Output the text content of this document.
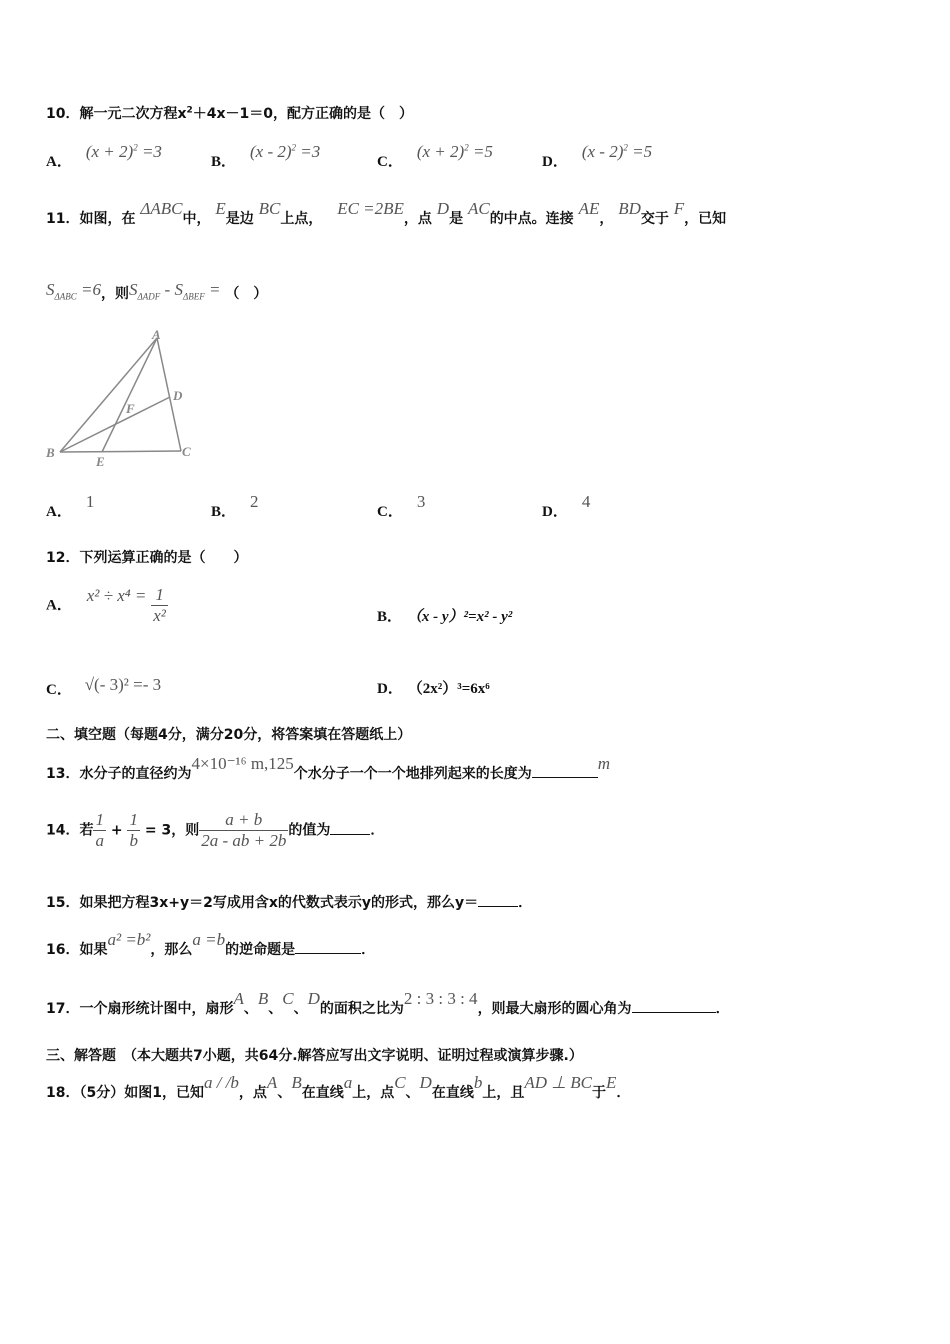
10．解一元二次方程$x^2+4x-1=0$，配方正确的是（　）
A．$(x + 2)^2 =3$
B．(x - 2)$^2$ =3
C．$(x + 2)^2 =5$
D．(x - 2)$^2$ =5
11．如图，在 ΔABC中， E是边 BC上点， EC =2BE，点 D是 AC的中点。连接 AE， BD交于 F，已知
$S_{\Delta ABC} =6$，则$S_{\Delta ADF} - S_{\Delta BEF}$ = （　）
A
B	C
D
E
F
A．1
B．2
C．3
D．4
12．下列运算正确的是（　　）
A． $x^2 \div x^4 = \frac{1}{\text{x²}}$	B． （x - y）²=x² - y²
C． √(- 3)² =- 3	D． （2x²）³=6x⁶
二、填空题（每题4分，满分20分，将答案填在答题纸上）
13．水分子的直径约为4×10⁻¹⁶ m,125个水分子一个一个地排列起来的长度为m
14．若 $\frac{1}{a} + \frac{1}{b} = 3$，则 $\frac{a + b}{2a - ab + 2b}$ 的值为	．
15．如果把方程3x+y＝2写成用含x的代数式表示y的形式，那么y＝	．
16．如果a² =b²，那么a =b的逆命题是	．
17．一个扇形统计图中，扇形A、B、C、D的面积之比为2 : 3 : 3 : 4，则最大扇形的圆心角为	．
三、解答题　（本大题共7小题，共64分.解答应写出文字说明、证明过程或演算步骤.）
18．（5分）如图1，已知a / /b，点A、B在直线a上，点C、D在直线b上，且AD ⊥ BC于E．
